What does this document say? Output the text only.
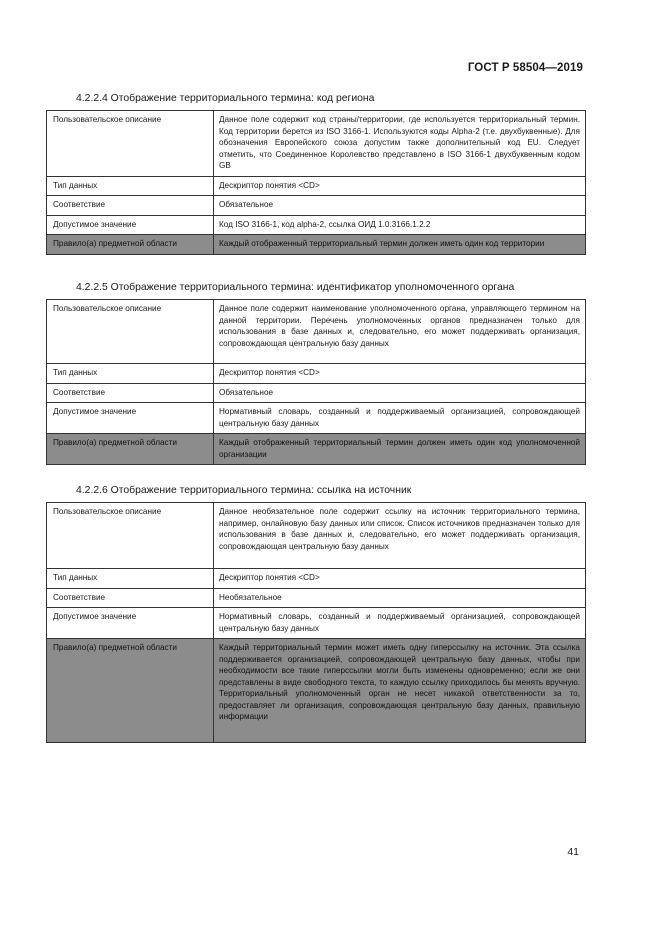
ГОСТ Р 58504—2019
4.2.2.4 Отображение территориального термина: код региона
Пользовательское описание	Данное поле содержит код страны/территории, где используется территориальный термин. Код территории берется из ISO 3166-1. Используются коды Alpha-2 (т.е. двухбуквенные). Для обозначения Европейского союза допустим также дополнительный код EU. Следует отметить, что Соединенное Королевство представлено в ISO 3166-1 двухбуквенным кодом GB
Тип данных	Дескриптор понятия <CD>
Соответствие	Обязательное
Допустимое значение	Код ISO 3166-1, код alpha-2, ссылка ОИД 1.0.3166.1.2.2
Правило(а) предметной области	Каждый отображенный территориальный термин должен иметь один код территории
4.2.2.5 Отображение территориального термина: идентификатор уполномоченного органа
Пользовательское описание	Данное поле содержит наименование уполномоченного органа, управляющего термином на данной территории. Перечень уполномоченных органов предназначен только для использования в базе данных и, следовательно, его может поддерживать организация, сопровождающая центральную базу данных
Тип данных	Дескриптор понятия <CD>
Соответствие	Обязательное
Допустимое значение	Нормативный словарь, созданный и поддерживаемый организацией, сопровождающей центральную базу данных
Правило(а) предметной области	Каждый отображенный территориальный термин должен иметь один код уполномоченной организации
4.2.2.6 Отображение территориального термина: ссылка на источник
Пользовательское описание	Данное необязательное поле содержит ссылку на источник территориального термина, например, онлайновую базу данных или список. Список источников предназначен только для использования в базе данных и, следовательно, его может поддерживать организация, сопровождающая центральную базу данных
Тип данных	Дескриптор понятия <CD>
Соответствие	Необязательное
Допустимое значение	Нормативный словарь, созданный и поддерживаемый организацией, сопровождающей центральную базу данных
Правило(а) предметной области	Каждый территориальный термин может иметь одну гиперссылку на источник. Эта ссылка поддерживается организацией, сопровождающей центральную базу данных, чтобы при необходимости все такие гиперссылки могли быть изменены одновременно; если же они представлены в виде свободного текста, то каждую ссылку приходилось бы менять вручную. Территориальный уполномоченный орган не несет никакой ответственности за то, предоставляет ли организация, сопровождающая центральную базу данных, правильную информации
41
